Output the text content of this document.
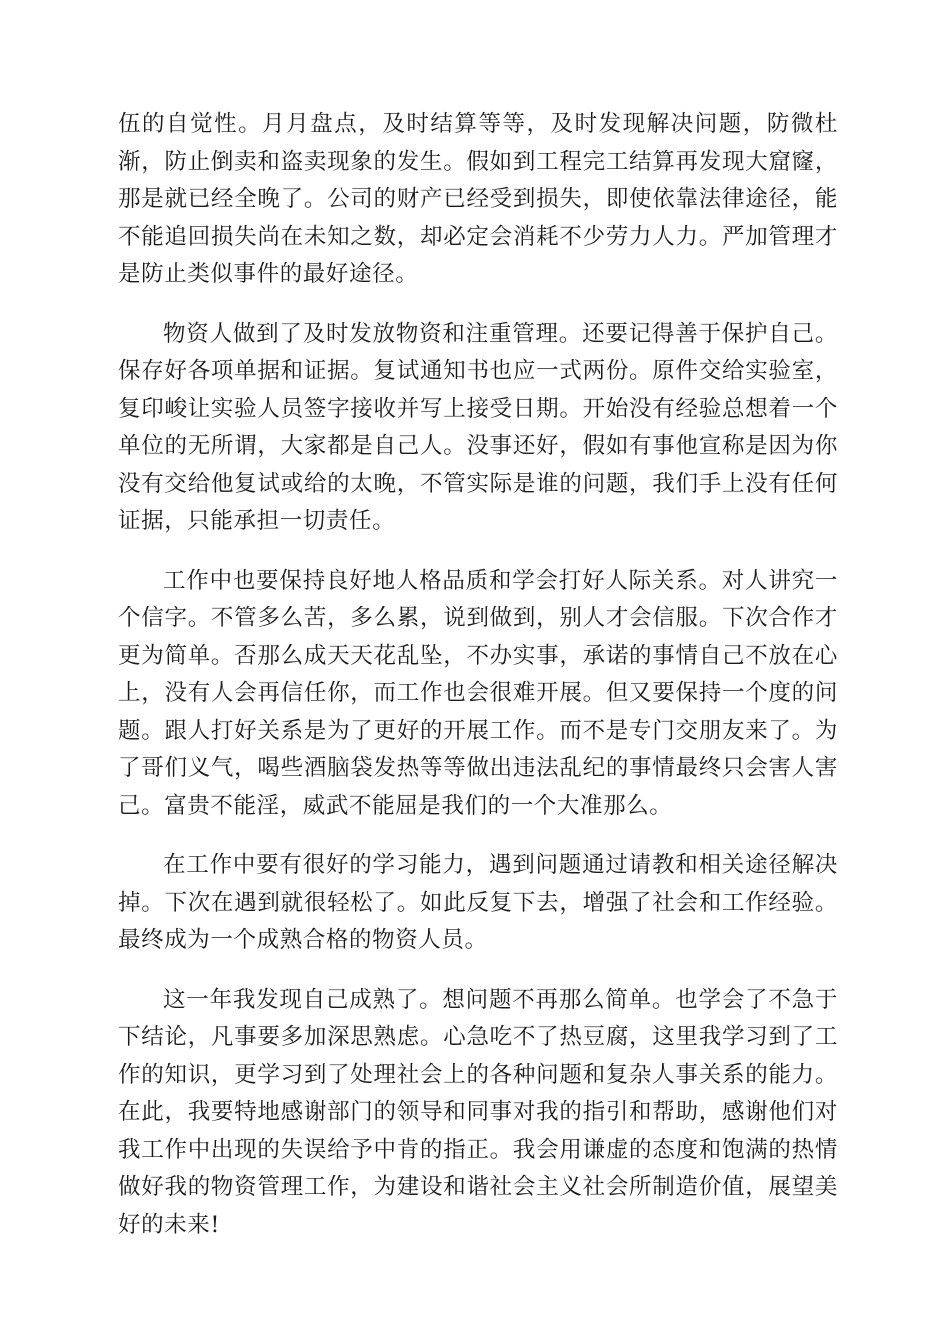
伍的自觉性。月月盘点，及时结算等等，及时发现解决问题，防微杜渐，防止倒卖和盗卖现象的发生。假如到工程完工结算再发现大窟窿，那是就已经全晚了。公司的财产已经受到损失，即使依靠法律途径，能不能追回损失尚在未知之数，却必定会消耗不少劳力人力。严加管理才是防止类似事件的最好途径。

物资人做到了及时发放物资和注重管理。还要记得善于保护自己。保存好各项单据和证据。复试通知书也应一式两份。原件交给实验室，复印峻让实验人员签字接收并写上接受日期。开始没有经验总想着一个单位的无所谓，大家都是自己人。没事还好，假如有事他宣称是因为你没有交给他复试或给的太晚，不管实际是谁的问题，我们手上没有任何证据，只能承担一切责任。

工作中也要保持良好地人格品质和学会打好人际关系。对人讲究一个信字。不管多么苦，多么累，说到做到，别人才会信服。下次合作才更为简单。否那么成天天花乱坠，不办实事，承诺的事情自己不放在心上，没有人会再信任你，而工作也会很难开展。但又要保持一个度的问题。跟人打好关系是为了更好的开展工作。而不是专门交朋友来了。为了哥们义气，喝些酒脑袋发热等等做出违法乱纪的事情最终只会害人害己。富贵不能淫，威武不能屈是我们的一个大准那么。

在工作中要有很好的学习能力，遇到问题通过请教和相关途径解决掉。下次在遇到就很轻松了。如此反复下去，增强了社会和工作经验。最终成为一个成熟合格的物资人员。

这一年我发现自己成熟了。想问题不再那么简单。也学会了不急于下结论，凡事要多加深思熟虑。心急吃不了热豆腐，这里我学习到了工作的知识，更学习到了处理社会上的各种问题和复杂人事关系的能力。在此，我要特地感谢部门的领导和同事对我的指引和帮助，感谢他们对我工作中出现的失误给予中肯的指正。我会用谦虚的态度和饱满的热情做好我的物资管理工作，为建设和谐社会主义社会所制造价值，展望美好的未来!
